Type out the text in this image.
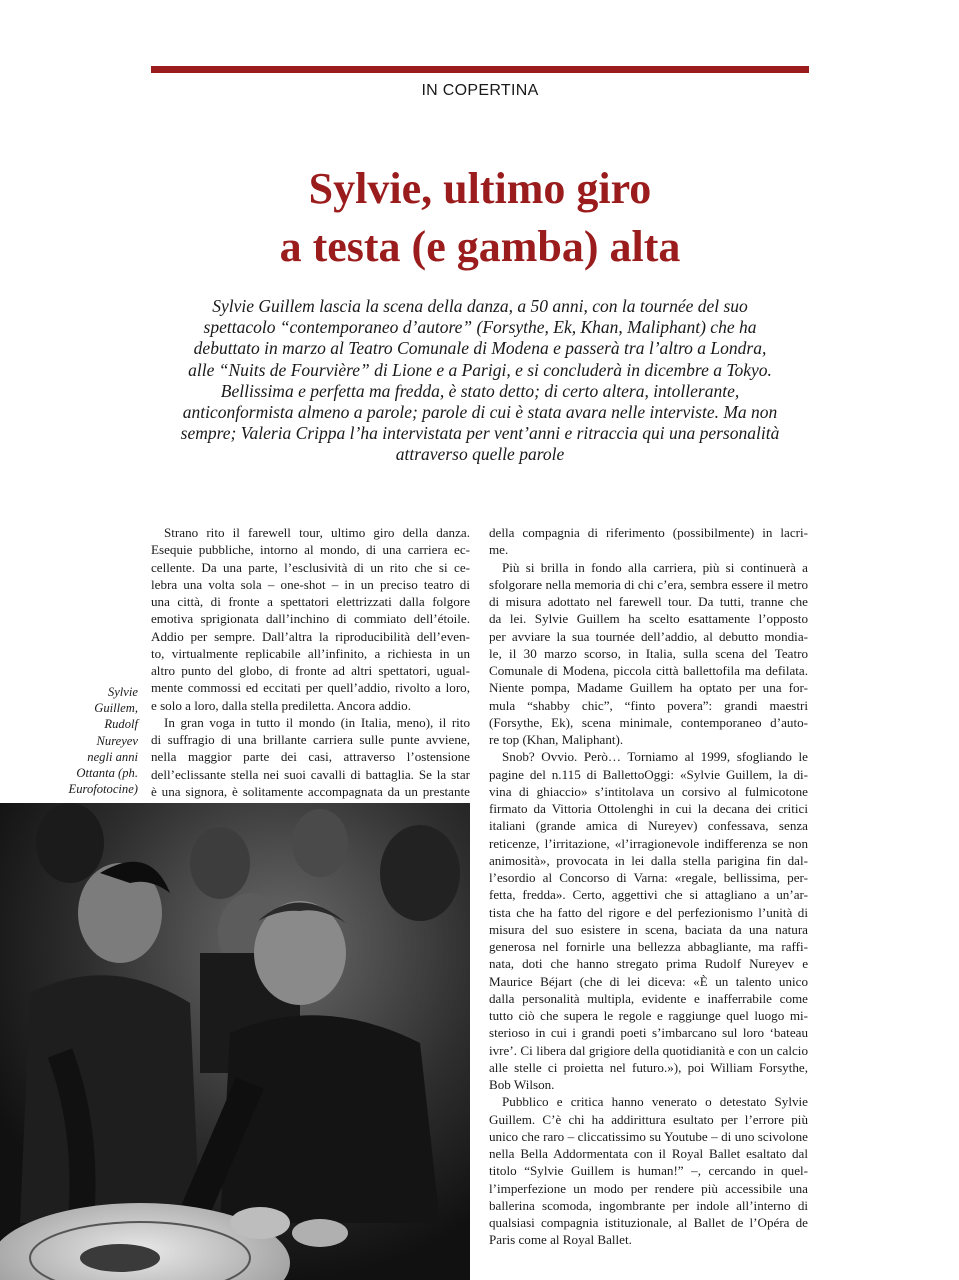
IN COPERTINA
Sylvie, ultimo giro
a testa (e gamba) alta
Sylvie Guillem lascia la scena della danza, a 50 anni, con la tournée del suo
spettacolo “contemporaneo d’autore” (Forsythe, Ek, Khan, Maliphant) che ha
debuttato in marzo al Teatro Comunale di Modena e passerà tra l’altro a Londra,
alle “Nuits de Fourvière” di Lione e a Parigi, e si concluderà in dicembre a Tokyo.
Bellissima e perfetta ma fredda, è stato detto; di certo altera, intollerante,
anticonformista almeno a parole; parole di cui è stata avara nelle interviste. Ma non
sempre; Valeria Crippa l’ha intervistata per vent’anni e ritraccia qui una personalità
attraverso quelle parole

Strano rito il farewell tour, ultimo giro della danza.
Esequie pubbliche, intorno al mondo, di una carriera ec-
cellente. Da una parte, l’esclusività di un rito che si ce-
lebra una volta sola – one-shot – in un preciso teatro di
una città, di fronte a spettatori elettrizzati dalla folgore
emotiva sprigionata dall’inchino di commiato dell’étoile.
Addio per sempre. Dall’altra la riproducibilità dell’even-
to, virtualmente replicabile all’infinito, a richiesta in un
altro punto del globo, di fronte ad altri spettatori, ugual-
mente commossi ed eccitati per quell’addio, rivolto a loro,
e solo a loro, dalla stella prediletta. Ancora addio.

In gran voga in tutto il mondo (in Italia, meno), il rito
di suffragio di una brillante carriera sulle punte avviene,
nella maggior parte dei casi, attraverso l’ostensione
dell’eclissante stella nei suoi cavalli di battaglia. Se la star
è una signora, è solitamente accompagnata da un prestante

della compagnia di riferimento (possibilmente) in lacri-
me.

Più si brilla in fondo alla carriera, più si continuerà a
sfolgorare nella memoria di chi c’era, sembra essere il metro
di misura adottato nel farewell tour. Da tutti, tranne che
da lei. Sylvie Guillem ha scelto esattamente l’opposto
per avviare la sua tournée dell’addio, al debutto mondia-
le, il 30 marzo scorso, in Italia, sulla scena del Teatro
Comunale di Modena, piccola città ballettofila ma defilata.
Niente pompa, Madame Guillem ha optato per una for-
mula “shabby chic”, “finto povera”: grandi maestri
(Forsythe, Ek), scena minimale, contemporaneo d’auto-
re top (Khan, Maliphant).

Snob? Ovvio. Però… Torniamo al 1999, sfogliando le
pagine del n.115 di BallettoOggi: «Sylvie Guillem, la di-
vina di ghiaccio» s’intitolava un corsivo al fulmicotone
firmato da Vittoria Ottolenghi in cui la decana dei critici
italiani (grande amica di Nureyev) confessava, senza
reticenze, l’irritazione, «l’irragionevole indifferenza se non
animosità», provocata in lei dalla stella parigina fin dal-
l’esordio al Concorso di Varna: «regale, bellissima, per-
fetta, fredda». Certo, aggettivi che si attagliano a un’ar-
tista che ha fatto del rigore e del perfezionismo l’unità di
misura del suo esistere in scena, baciata da una natura
generosa nel fornirle una bellezza abbagliante, ma raffi-
nata, doti che hanno stregato prima Rudolf Nureyev e
Maurice Béjart (che di lei diceva: «È un talento unico
dalla personalità multipla, evidente e inafferrabile come
tutto ciò che supera le regole e raggiunge quel luogo mi-
sterioso in cui i grandi poeti s’imbarcano sul loro ‘bateau
ivre’. Ci libera dal grigiore della quotidianità e con un calcio
alle stelle ci proietta nel futuro.»), poi William Forsythe,
Bob Wilson.

Pubblico e critica hanno venerato o detestato Sylvie
Guillem. C’è chi ha addirittura esultato per l’errore più
unico che raro – cliccatissimo su Youtube – di uno scivolone
nella Bella Addormentata con il Royal Ballet esaltato dal
titolo “Sylvie Guillem is human!” –, cercando in quel-
l’imperfezione un modo per rendere più accessibile una
ballerina scomoda, ingombrante per indole all’interno di
qualsiasi compagnia istituzionale, al Ballet de l’Opéra de
Paris come al Royal Ballet.

Sylvie
Guillem,
Rudolf
Nureyev
negli anni
Ottanta (ph.
Eurofotocine)
